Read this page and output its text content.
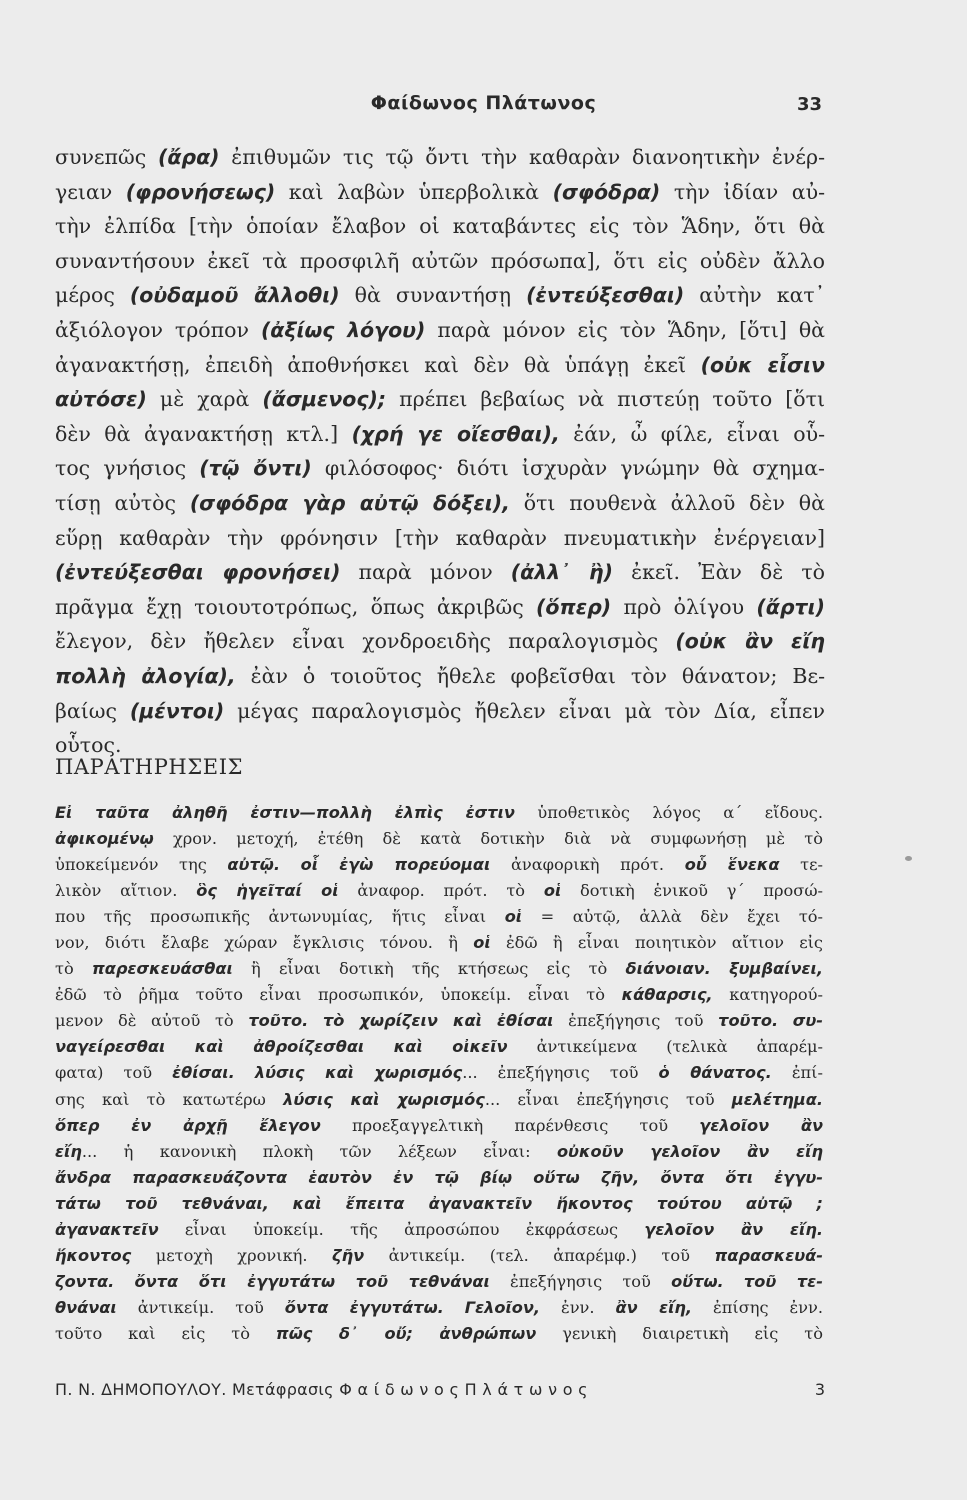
Φαίδωνος Πλάτωνος	33
συνεπῶς (ἄρα) ἐπιθυμῶν τις τῷ ὄντι τὴν καθαρὰν διανοητικὴν ἐνέρ-
γειαν (φρονήσεως) καὶ λαβὼν ὑπερβολικὰ (σφόδρα) τὴν ἰδίαν αὐ-
τὴν ἐλπίδα [τὴν ὁποίαν ἔλαβον οἱ καταβάντες εἰς τὸν Ἅδην, ὅτι θὰ
συναντήσουν ἐκεῖ τὰ προσφιλῆ αὐτῶν πρόσωπα], ὅτι εἰς οὐδὲν ἄλλο
μέρος (οὐδαμοῦ ἄλλοθι) θὰ συναντήσῃ (ἐντεύξεσθαι) αὐτὴν κατ᾽
ἀξιόλογον τρόπον (ἀξίως λόγου) παρὰ μόνον εἰς τὸν Ἅδην, [ὅτι] θὰ
ἀγανακτήσῃ, ἐπειδὴ ἀποθνήσκει καὶ δὲν θὰ ὑπάγῃ ἐκεῖ (οὐκ εἶσιν
αὐτόσε) μὲ χαρὰ (ἄσμενος); πρέπει βεβαίως νὰ πιστεύῃ τοῦτο [ὅτι
δὲν θὰ ἀγανακτήσῃ κτλ.] (χρή γε οἴεσθαι), ἐάν, ὦ φίλε, εἶναι οὗ-
τος γνήσιος (τῷ ὄντι) φιλόσοφος· διότι ἰσχυρὰν γνώμην θὰ σχημα-
τίσῃ αὐτὸς (σφόδρα γὰρ αὐτῷ δόξει), ὅτι πουθενὰ ἀλλοῦ δὲν θὰ
εὕρῃ καθαρὰν τὴν φρόνησιν [τὴν καθαρὰν πνευματικὴν ἐνέργειαν]
(ἐντεύξεσθαι φρονήσει) παρὰ μόνον (ἀλλ᾽ ἢ) ἐκεῖ. Ἐὰν δὲ τὸ
πρᾶγμα ἔχῃ τοιουτοτρόπως, ὅπως ἀκριβῶς (ὅπερ) πρὸ ὀλίγου (ἄρτι)
ἔλεγον, δὲν ἤθελεν εἶναι χονδροειδὴς παραλογισμὸς (οὐκ ἂν εἴη
πολλὴ ἀλογία), ἐὰν ὁ τοιοῦτος ἤθελε φοβεῖσθαι τὸν θάνατον; Βε-
βαίως (μέντοι) μέγας παραλογισμὸς ἤθελεν εἶναι μὰ τὸν Δία, εἶπεν
οὗτος.
ΠΑΡΑΤΗΡΗΣΕΙΣ
Εἰ ταῦτα ἀληθῆ ἐστιν—πολλὴ ἐλπὶς ἐστιν ὑποθετικὸς λόγος α΄ εἴδους.
ἀφικομένῳ χρον. μετοχή, ἐτέθη δὲ κατὰ δοτικὴν διὰ νὰ συμφωνήσῃ μὲ τὸ
ὑποκείμενόν της αὐτῷ. οἷ ἐγὼ πορεύομαι ἀναφορικὴ πρότ. οὗ ἕνεκα τε-
λικὸν αἴτιον. ὃς ἡγεῖταί οἱ ἀναφορ. πρότ. τὸ οἱ δοτικὴ ἑνικοῦ γ΄ προσώ-
που τῆς προσωπικῆς ἀντωνυμίας, ἥτις εἶναι οἱ = αὐτῷ, ἀλλὰ δὲν ἔχει τό-
νον, διότι ἔλαβε χώραν ἔγκλισις τόνου. ἢ οἱ ἐδῶ ἢ εἶναι ποιητικὸν αἴτιον εἰς
τὸ παρεσκευάσθαι ἢ εἶναι δοτικὴ τῆς κτήσεως εἰς τὸ διάνοιαν. ξυμβαίνει,
ἐδῶ τὸ ῥῆμα τοῦτο εἶναι προσωπικόν, ὑποκείμ. εἶναι τὸ κάθαρσις, κατηγορού-
μενον δὲ αὐτοῦ τὸ τοῦτο. τὸ χωρίζειν καὶ ἐθίσαι ἐπεξήγησις τοῦ τοῦτο. συ-
ναγείρεσθαι καὶ ἀθροίζεσθαι καὶ οἰκεῖν ἀντικείμενα (τελικὰ ἀπαρέμ-
φατα) τοῦ ἐθίσαι. λύσις καὶ χωρισμός... ἐπεξήγησις τοῦ ὁ θάνατος. ἐπί-
σης καὶ τὸ κατωτέρω λύσις καὶ χωρισμός... εἶναι ἐπεξήγησις τοῦ μελέτημα.
ὅπερ ἐν ἀρχῇ ἔλεγον προεξαγγελτικὴ παρένθεσις τοῦ γελοῖον ἂν
εἴη... ἡ κανονικὴ πλοκὴ τῶν λέξεων εἶναι: οὐκοῦν γελοῖον ἂν εἴη
ἄνδρα παρασκευάζοντα ἑαυτὸν ἐν τῷ βίῳ οὕτω ζῆν, ὄντα ὅτι ἐγγυ-
τάτω τοῦ τεθνάναι, καὶ ἔπειτα ἀγανακτεῖν ἥκοντος τούτου αὐτῷ ;
ἀγανακτεῖν εἶναι ὑποκείμ. τῆς ἀπροσώπου ἐκφράσεως γελοῖον ἂν εἴη.
ἥκοντος μετοχὴ χρονική. ζῆν ἀντικείμ. (τελ. ἀπαρέμφ.) τοῦ παρασκευά-
ζοντα. ὄντα ὅτι ἐγγυτάτω τοῦ τεθνάναι ἐπεξήγησις τοῦ οὕτω. τοῦ τε-
θνάναι ἀντικείμ. τοῦ ὄντα ἐγγυτάτω. Γελοῖον, ἐνν. ἂν εἴη, ἐπίσης ἐνν.
τοῦτο καὶ εἰς τὸ πῶς δ᾽ οὔ; ἀνθρώπων γενικὴ διαιρετικὴ εἰς τὸ
Π. Ν. ΔΗΜΟΠΟΥΛΟΥ. Μετάφρασις Φ α ί δ ω ν ο ς Π λ ά τ ω ν ο ς	3
